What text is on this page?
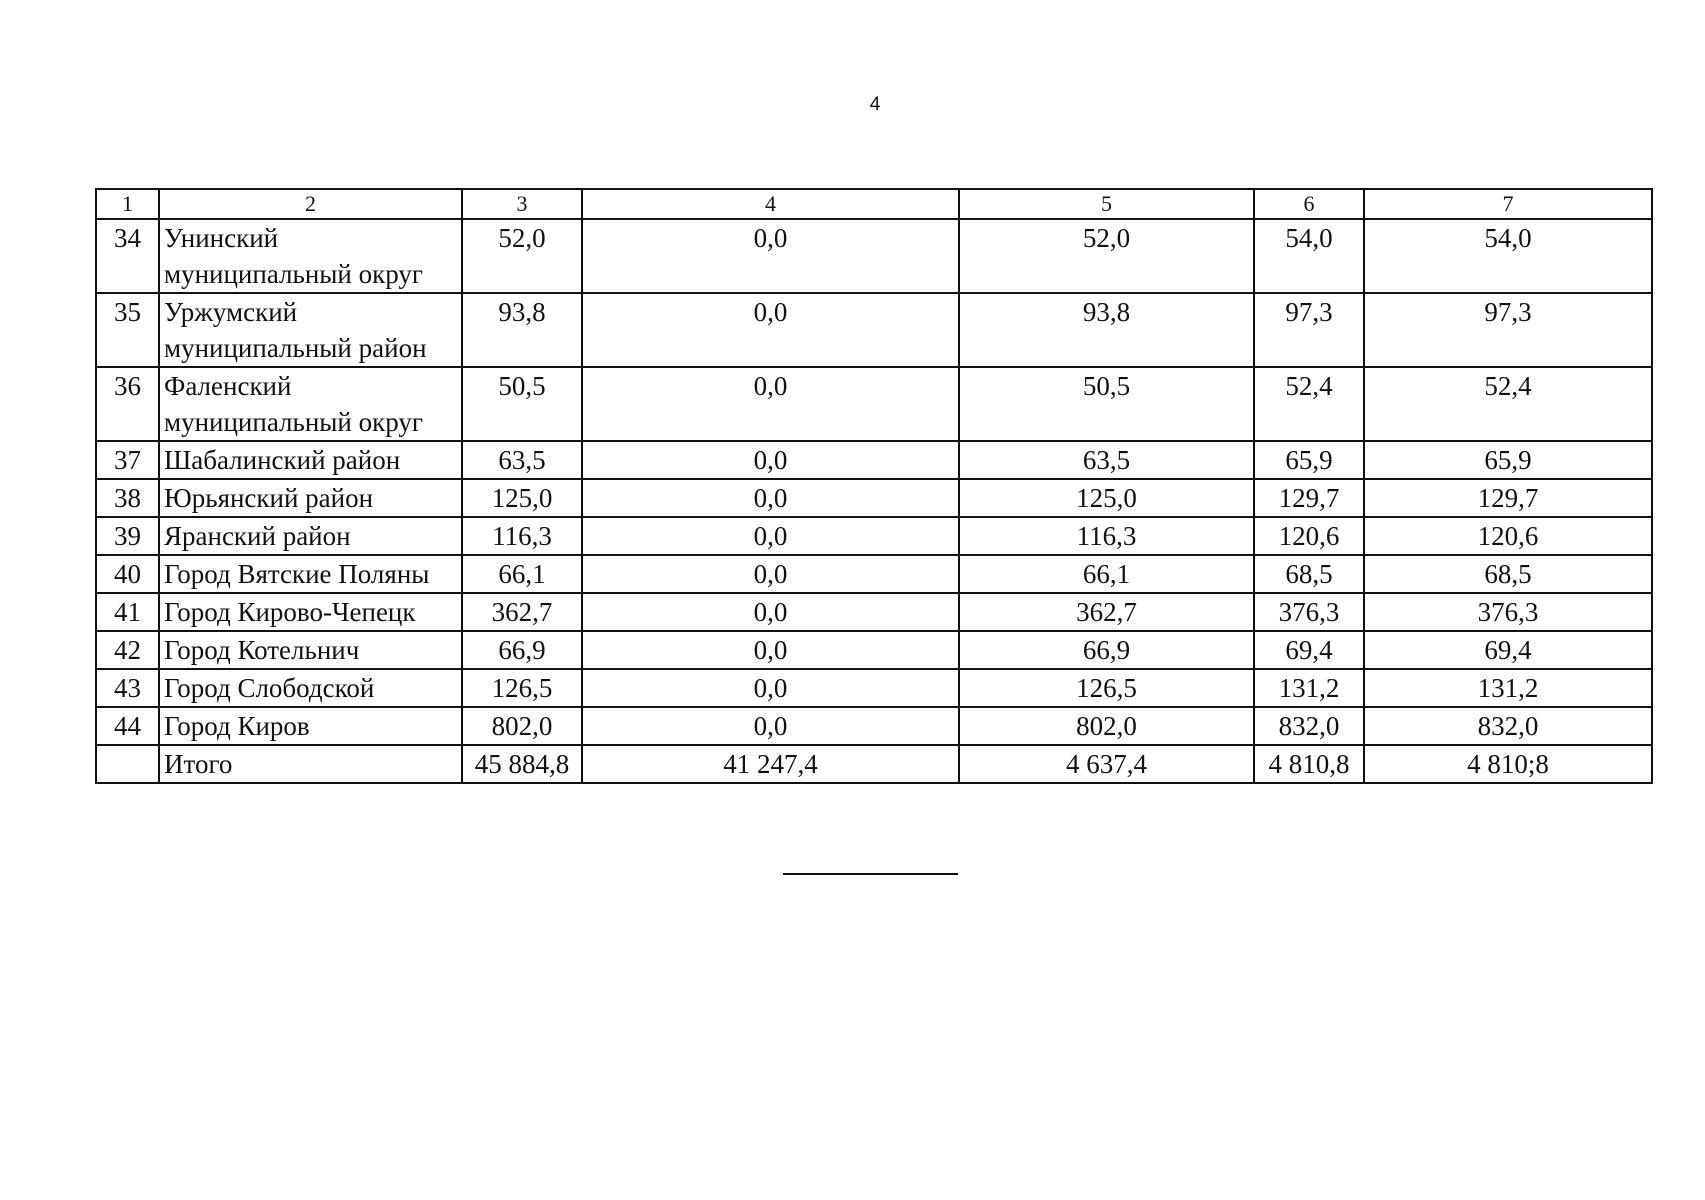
4
1	2	3	4	5	6	7
34	Унинский муниципальный округ	52,0	0,0	52,0	54,0	54,0
35	Уржумский муниципальный район	93,8	0,0	93,8	97,3	97,3
36	Фаленский муниципальный округ	50,5	0,0	50,5	52,4	52,4
37	Шабалинский район	63,5	0,0	63,5	65,9	65,9
38	Юрьянский район	125,0	0,0	125,0	129,7	129,7
39	Яранский район	116,3	0,0	116,3	120,6	120,6
40	Город Вятские Поляны	66,1	0,0	66,1	68,5	68,5
41	Город Кирово-Чепецк	362,7	0,0	362,7	376,3	376,3
42	Город Котельнич	66,9	0,0	66,9	69,4	69,4
43	Город Слободской	126,5	0,0	126,5	131,2	131,2
44	Город Киров	802,0	0,0	802,0	832,0	832,0
	Итого	45 884,8	41 247,4	4 637,4	4 810,8	4 810;8
